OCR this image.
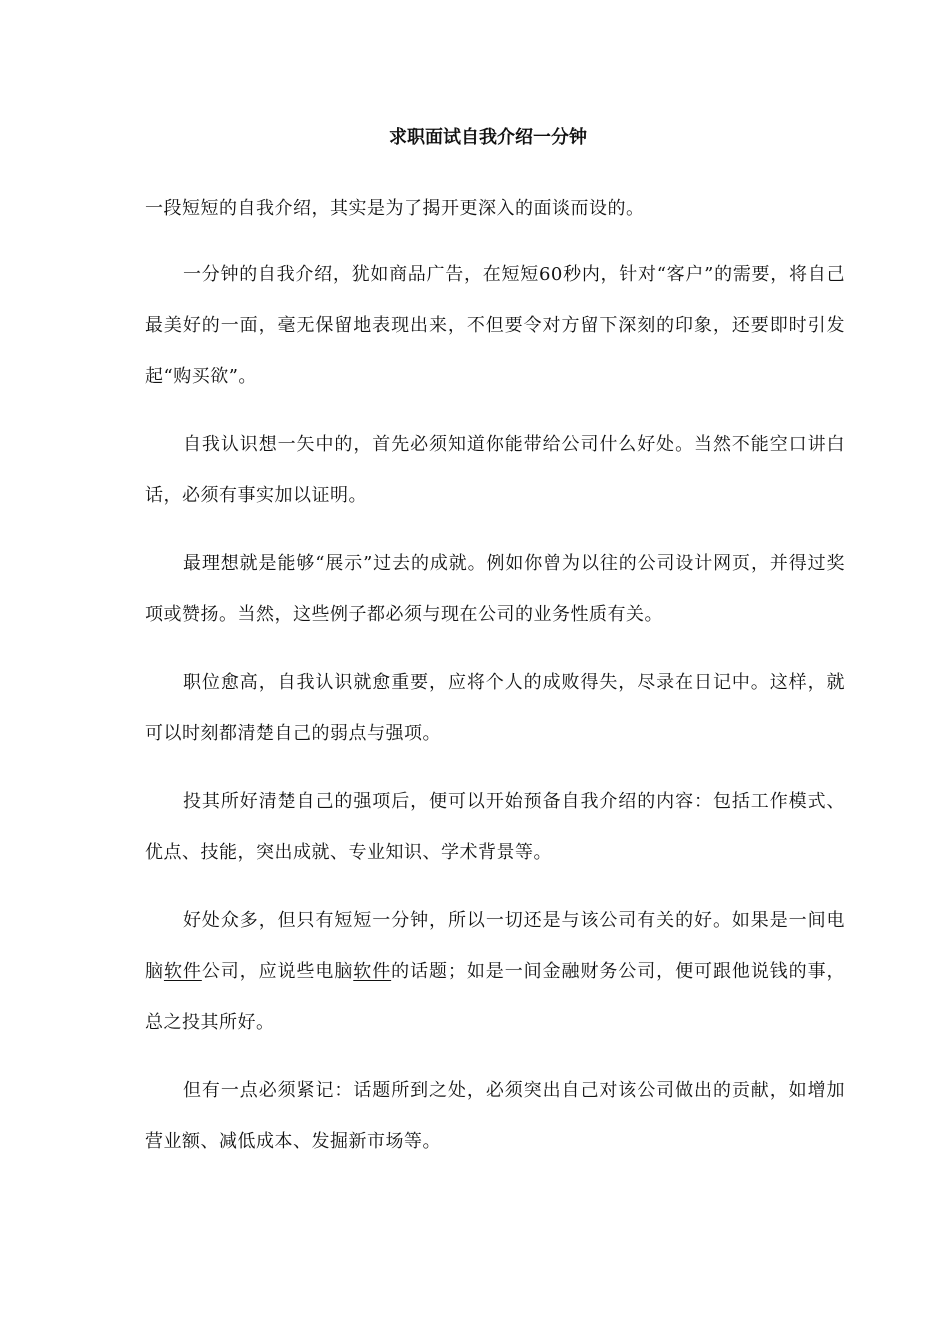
求职面试自我介绍一分钟

一段短短的自我介绍，其实是为了揭开更深入的面谈而设的。

一分钟的自我介绍，犹如商品广告，在短短60秒内，针对“客户”的需要，将自己最美好的一面，毫无保留地表现出来，不但要令对方留下深刻的印象，还要即时引发起“购买欲”。

自我认识想一矢中的，首先必须知道你能带给公司什么好处。当然不能空口讲白话，必须有事实加以证明。

最理想就是能够“展示”过去的成就。例如你曾为以往的公司设计网页，并得过奖项或赞扬。当然，这些例子都必须与现在公司的业务性质有关。

职位愈高，自我认识就愈重要，应将个人的成败得失，尽录在日记中。这样，就可以时刻都清楚自己的弱点与强项。

投其所好清楚自己的强项后，便可以开始预备自我介绍的内容：包括工作模式、优点、技能，突出成就、专业知识、学术背景等。

好处众多，但只有短短一分钟，所以一切还是与该公司有关的好。如果是一间电脑软件公司，应说些电脑软件的话题；如是一间金融财务公司，便可跟他说钱的事，总之投其所好。

但有一点必须紧记：话题所到之处，必须突出自己对该公司做出的贡献，如增加营业额、减低成本、发掘新市场等。
